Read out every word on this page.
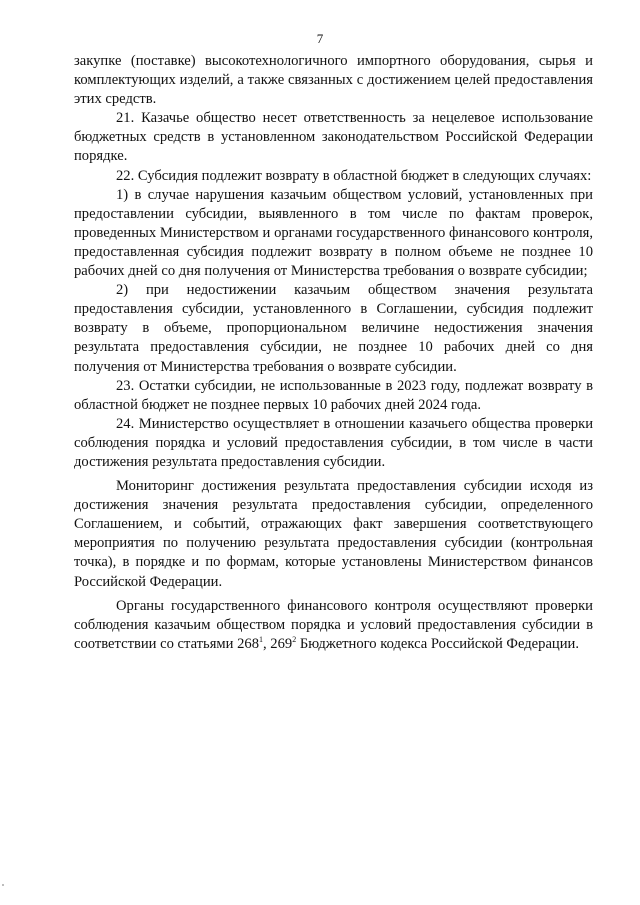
7

закупке (поставке) высокотехнологичного импортного оборудования, сырья и комплектующих изделий, а также связанных с достижением целей предоставления этих средств.

21. Казачье общество несет ответственность за нецелевое использование бюджетных средств в установленном законодательством Российской Федерации порядке.

22. Субсидия подлежит возврату в областной бюджет в следующих случаях:

1) в случае нарушения казачьим обществом условий, установленных при предоставлении субсидии, выявленного в том числе по фактам проверок, проведенных Министерством и органами государственного финансового контроля, предоставленная субсидия подлежит возврату в полном объеме не позднее 10 рабочих дней со дня получения от Министерства требования о возврате субсидии;

2) при недостижении казачьим обществом значения результата предоставления субсидии, установленного в Соглашении, субсидия подлежит возврату в объеме, пропорциональном величине недостижения значения результата предоставления субсидии, не позднее 10 рабочих дней со дня получения от Министерства требования о возврате субсидии.

23. Остатки субсидии, не использованные в 2023 году, подлежат возврату в областной бюджет не позднее первых 10 рабочих дней 2024 года.

24. Министерство осуществляет в отношении казачьего общества проверки соблюдения порядка и условий предоставления субсидии, в том числе в части достижения результата предоставления субсидии.

Мониторинг достижения результата предоставления субсидии исходя из достижения значения результата предоставления субсидии, определенного Соглашением, и событий, отражающих факт завершения соответствующего мероприятия по получению результата предоставления субсидии (контрольная точка), в порядке и по формам, которые установлены Министерством финансов Российской Федерации.

Органы государственного финансового контроля осуществляют проверки соблюдения казачьим обществом порядка и условий предоставления субсидии в соответствии со статьями $268^1$, $269^2$ Бюджетного кодекса Российской Федерации.
